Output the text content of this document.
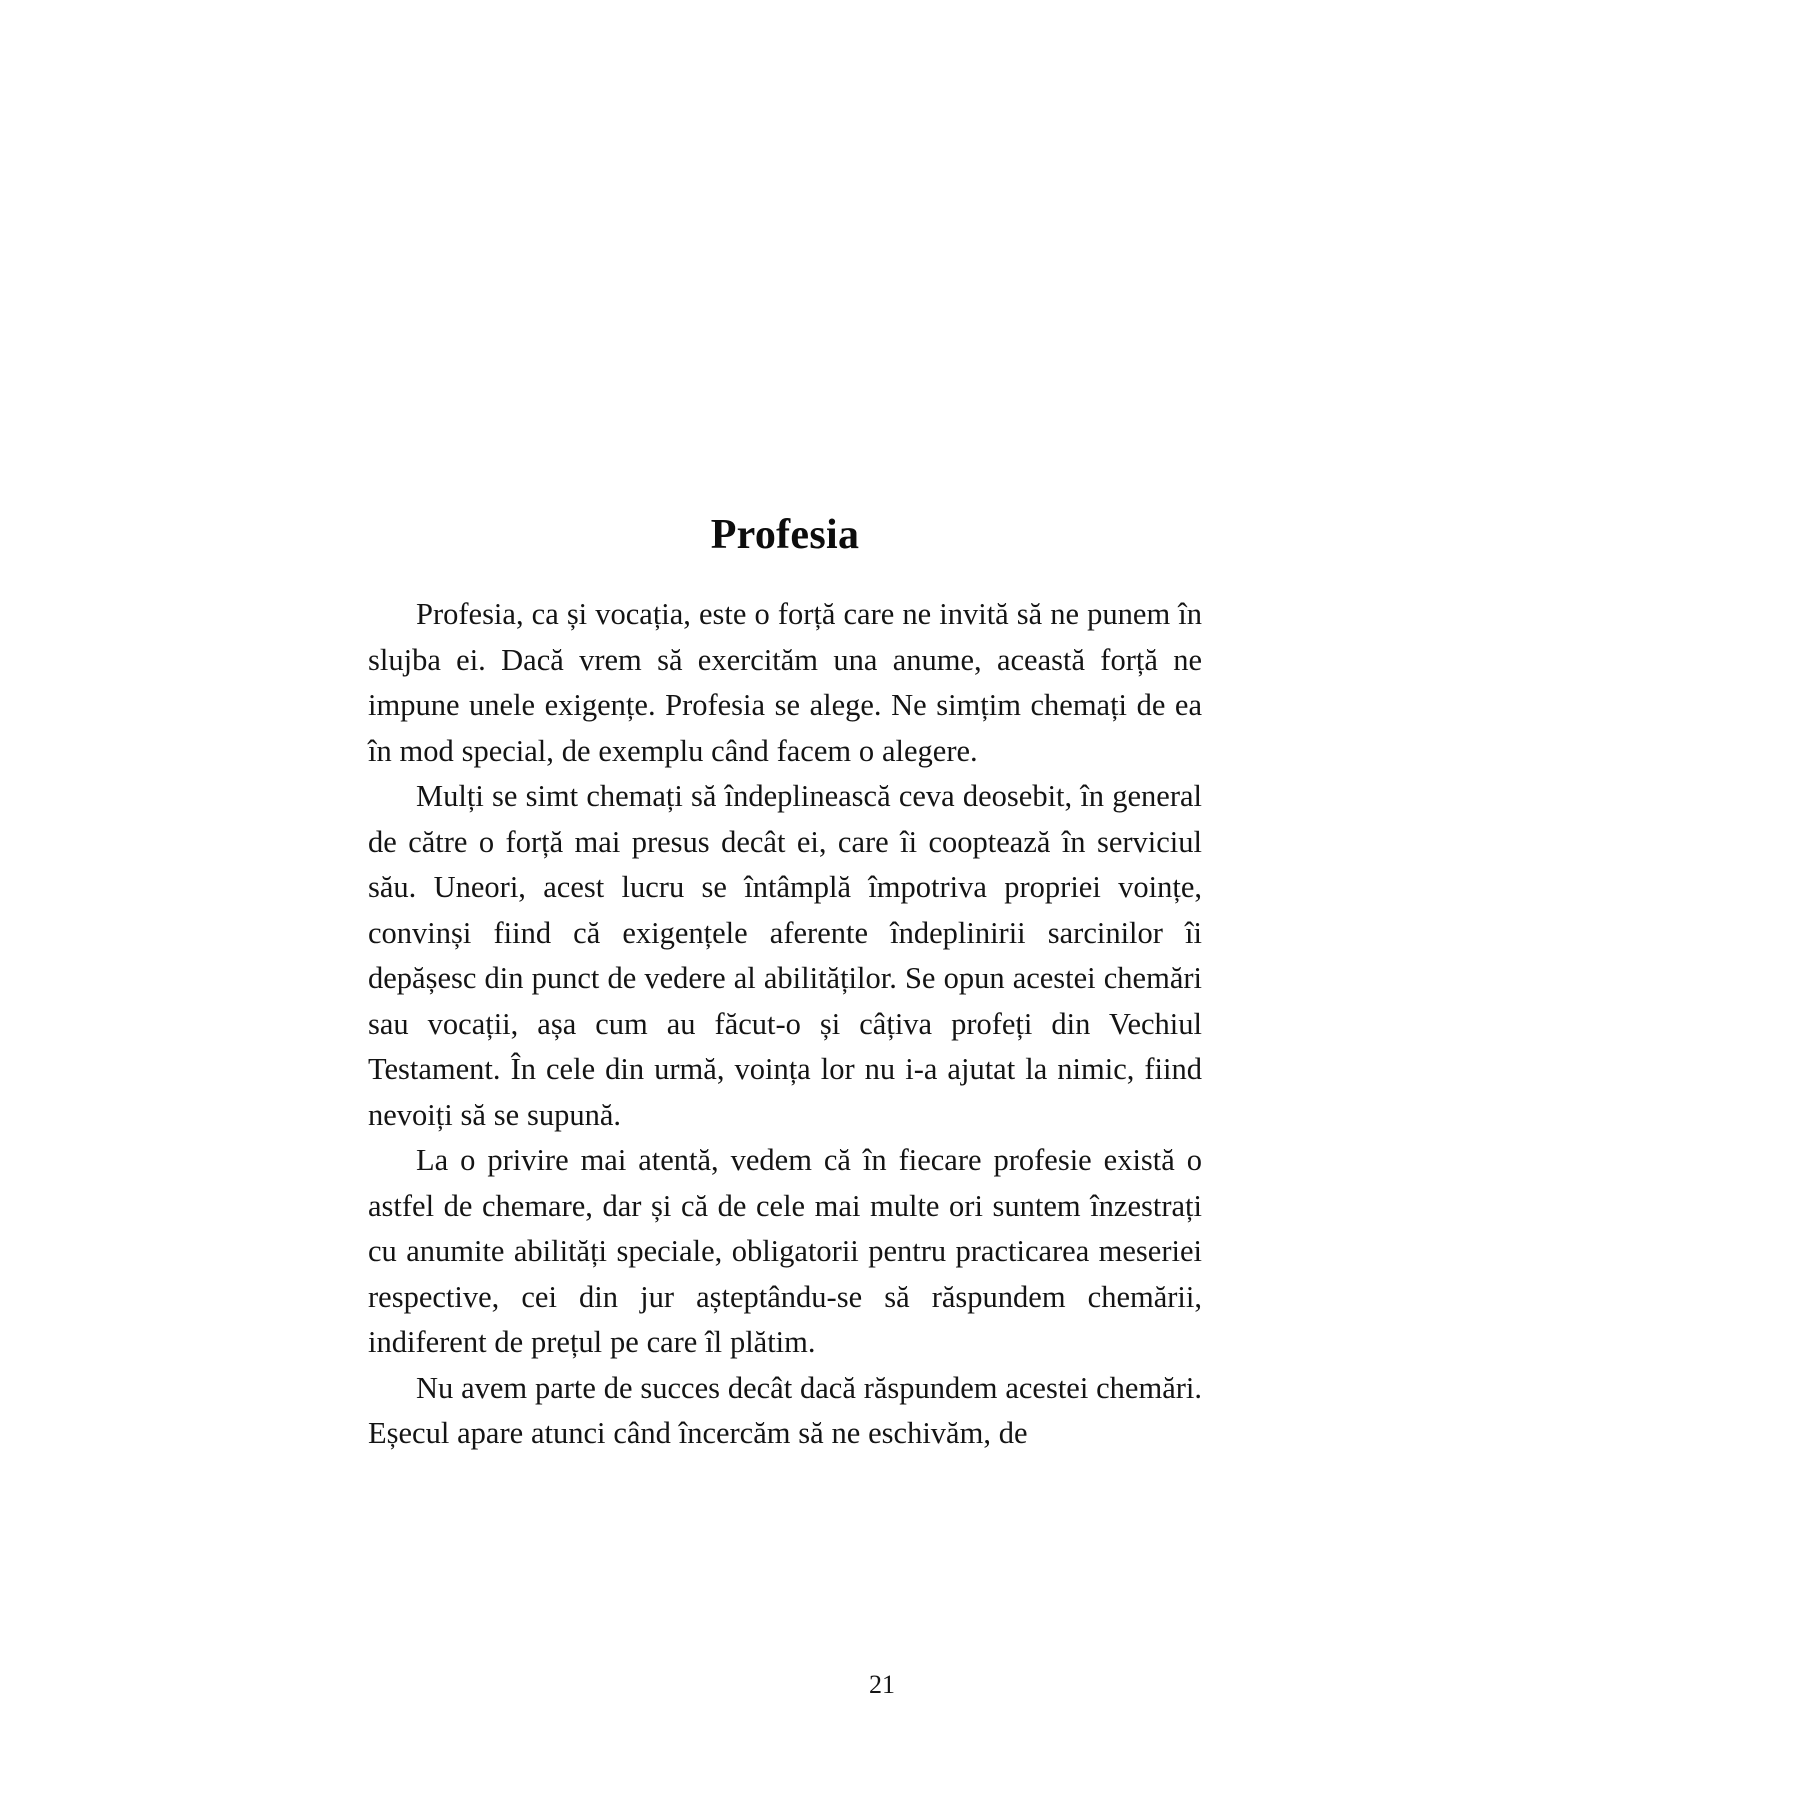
Profesia

Profesia, ca și vocația, este o forță care ne invită să ne punem în slujba ei. Dacă vrem să exercităm una anume, această forță ne impune unele exigențe. Profesia se alege. Ne simțim chemați de ea în mod special, de exemplu când facem o alegere.

Mulți se simt chemați să îndeplinească ceva deosebit, în general de către o forță mai presus decât ei, care îi cooptează în serviciul său. Uneori, acest lucru se întâmplă împotriva propriei voințe, convinși fiind că exigențele aferente îndeplinirii sarcinilor îi depășesc din punct de vedere al abilităților. Se opun acestei chemări sau vocații, așa cum au făcut-o și câțiva profeți din Vechiul Testament. În cele din urmă, voința lor nu i-a ajutat la nimic, fiind nevoiți să se supună.

La o privire mai atentă, vedem că în fiecare profesie există o astfel de chemare, dar și că de cele mai multe ori suntem înzestrați cu anumite abilități speciale, obligatorii pentru practicarea meseriei respective, cei din jur așteptându-se să răspundem chemării, indiferent de prețul pe care îl plătim.

Nu avem parte de succes decât dacă răspundem acestei chemări. Eșecul apare atunci când încercăm să ne eschivăm, de

21
